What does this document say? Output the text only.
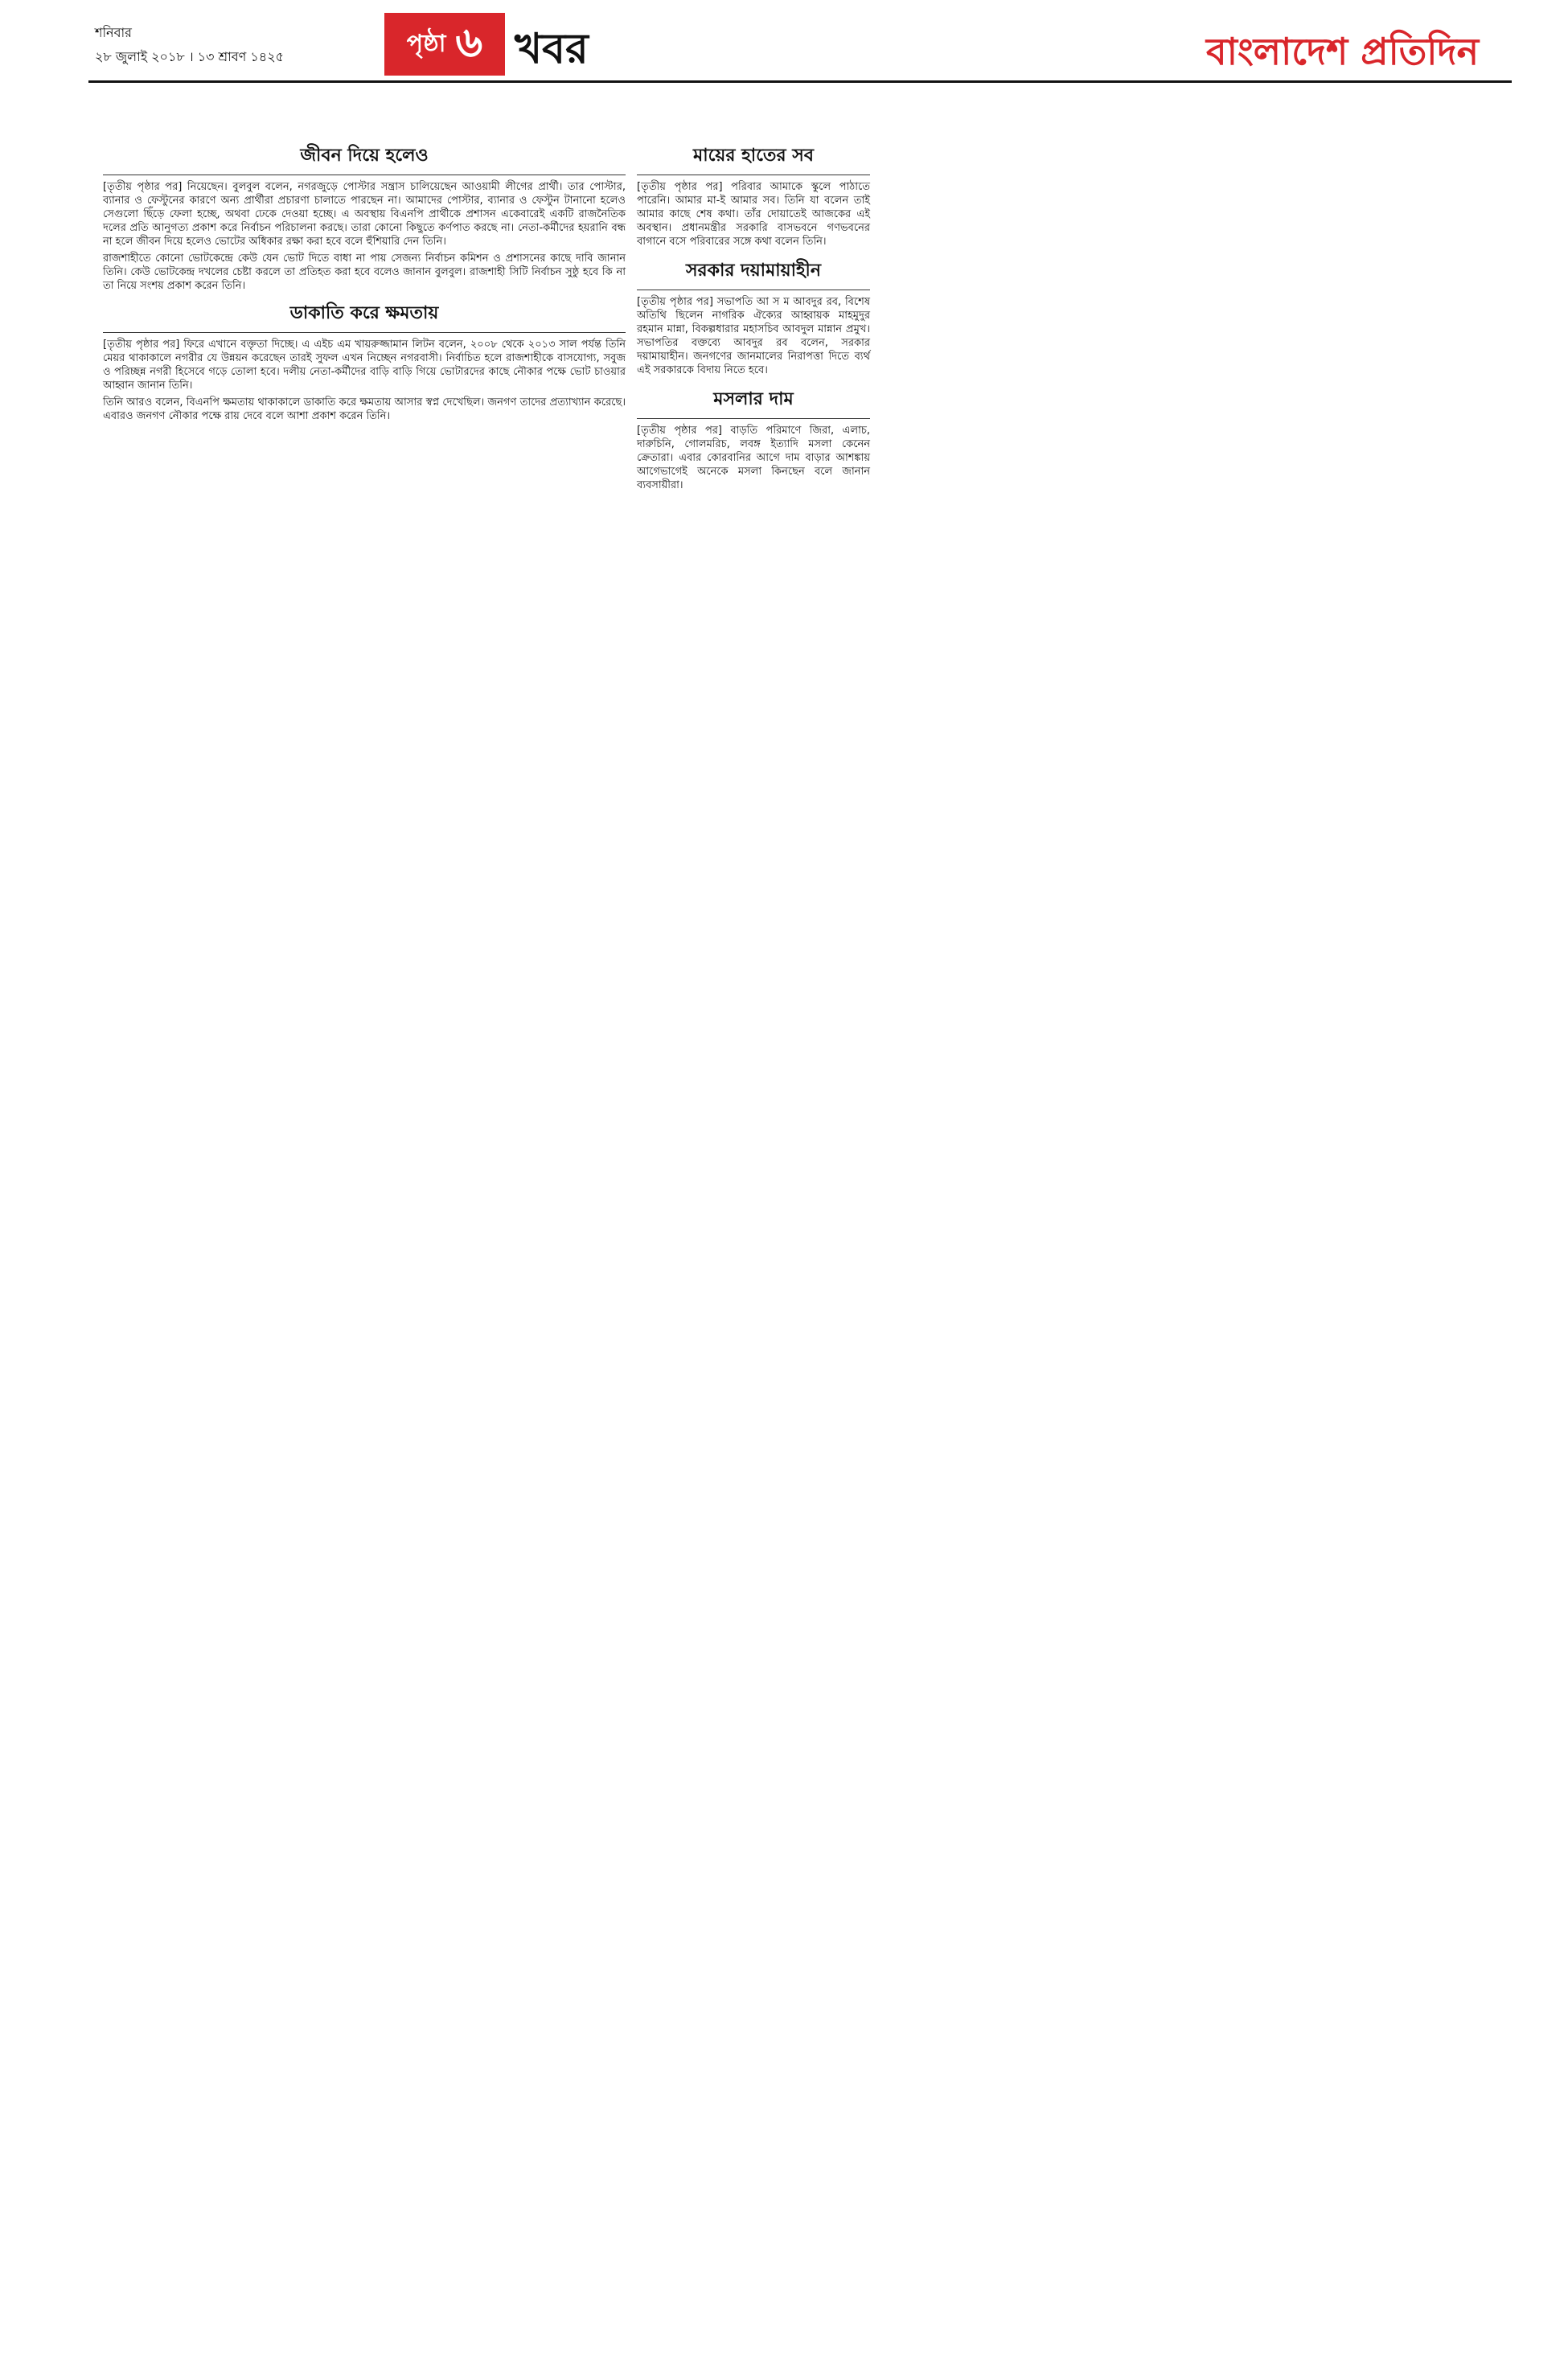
শনিবার
২৮ জুলাই ২০১৮ । ১৩ শ্রাবণ ১৪২৫	পৃষ্ঠা ৬ খবর	বাংলাদেশ প্রতিদিন
জীবন দিয়ে হলেও

[তৃতীয় পৃষ্ঠার পর] নিয়েছেন। বুলবুল বলেন, নগরজুড়ে পোস্টার সন্ত্রাস চালিয়েছেন আওয়ামী লীগের প্রার্থী। তার পোস্টার, ব্যানার ও ফেস্টুনের কারণে অন্য প্রার্থীরা প্রচারণা চালাতে পারছেন না। আমাদের পোস্টার, ব্যানার ও ফেস্টুন টানানো হলেও সেগুলো ছিঁড়ে ফেলা হচ্ছে, অথবা ঢেকে দেওয়া হচ্ছে। এ অবস্থায় বিএনপি প্রার্থীকে প্রশাসন একেবারেই একটি রাজনৈতিক দলের প্রতি আনুগত্য প্রকাশ করে নির্বাচন পরিচালনা করছে। তারা কোনো কিছুতে কর্ণপাত করছে না। নেতা-কর্মীদের হয়রানি বন্ধ না হলে জীবন দিয়ে হলেও ভোটের অধিকার রক্ষা করা হবে বলে হুঁশিয়ারি দেন তিনি।

রাজশাহীতে কোনো ভোটকেন্দ্রে কেউ যেন ভোট দিতে বাধা না পায় সেজন্য নির্বাচন কমিশন ও প্রশাসনের কাছে দাবি জানান তিনি। কেউ ভোটকেন্দ্র দখলের চেষ্টা করলে তা প্রতিহত করা হবে বলেও জানান বুলবুল। রাজশাহী সিটি নির্বাচন সুষ্ঠু হবে কি না তা নিয়ে সংশয় প্রকাশ করেন তিনি।

ডাকাতি করে ক্ষমতায়

[তৃতীয় পৃষ্ঠার পর] ফিরে এখানে বক্তৃতা দিচ্ছে। এ এইচ এম খায়রুজ্জামান লিটন বলেন, ২০০৮ থেকে ২০১৩ সাল পর্যন্ত তিনি মেয়র থাকাকালে নগরীর যে উন্নয়ন করেছেন তারই সুফল এখন নিচ্ছেন নগরবাসী। নির্বাচিত হলে রাজশাহীকে বাসযোগ্য, সবুজ ও পরিচ্ছন্ন নগরী হিসেবে গড়ে তোলা হবে। দলীয় নেতা-কর্মীদের বাড়ি বাড়ি গিয়ে ভোটারদের কাছে নৌকার পক্ষে ভোট চাওয়ার আহ্বান জানান তিনি।

তিনি আরও বলেন, বিএনপি ক্ষমতায় থাকাকালে ডাকাতি করে ক্ষমতায় আসার স্বপ্ন দেখেছিল। জনগণ তাদের প্রত্যাখ্যান করেছে। এবারও জনগণ নৌকার পক্ষে রায় দেবে বলে আশা প্রকাশ করেন তিনি।

মায়ের হাতের সব
[তৃতীয় পৃষ্ঠার পর] পরিবার আমাকে স্কুলে পাঠাতে পারেনি। আমার মা-ই আমার সব। তিনি যা বলেন তাই আমার কাছে শেষ কথা। তাঁর দোয়াতেই আজকের এই অবস্থান। প্রধানমন্ত্রীর সরকারি বাসভবনে গণভবনের বাগানে বসে পরিবারের সঙ্গে কথা বলেন তিনি।
সরকার দয়ামায়াহীন
[তৃতীয় পৃষ্ঠার পর] সভাপতি আ স ম আবদুর রব, বিশেষ অতিথি ছিলেন নাগরিক ঐক্যের আহ্বায়ক মাহমুদুর রহমান মান্না, বিকল্পধারার মহাসচিব আবদুল মান্নান প্রমুখ। সভাপতির বক্তব্যে আবদুর রব বলেন, সরকার দয়ামায়াহীন। জনগণের জানমালের নিরাপত্তা দিতে ব্যর্থ এই সরকারকে বিদায় নিতে হবে।
মসলার দাম
[তৃতীয় পৃষ্ঠার পর] বাড়তি পরিমাণে জিরা, এলাচ, দারুচিনি, গোলমরিচ, লবঙ্গ ইত্যাদি মসলা কেনেন ক্রেতারা। এবার কোরবানির আগে দাম বাড়ার আশঙ্কায় আগেভাগেই অনেকে মসলা কিনছেন বলে জানান ব্যবসায়ীরা।
